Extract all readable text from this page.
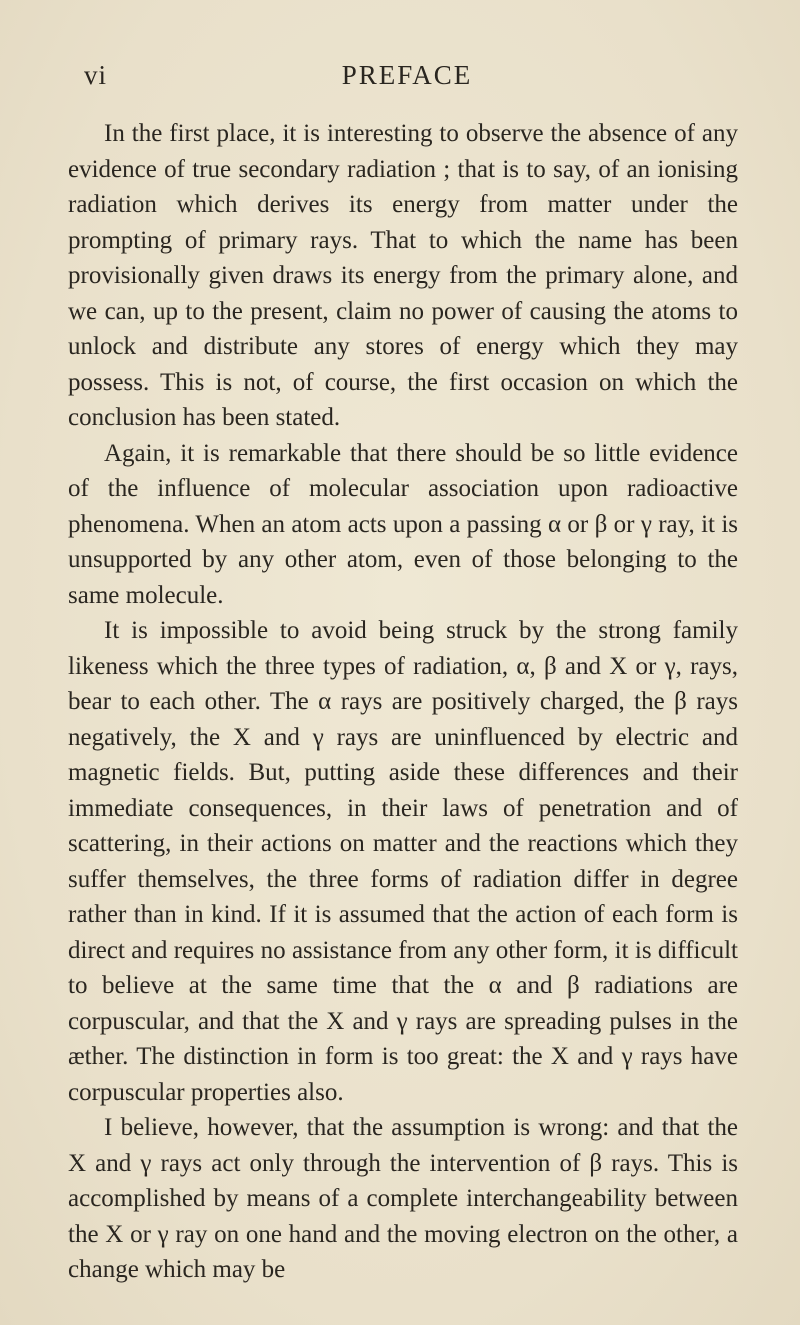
vi	PREFACE

In the first place, it is interesting to observe the absence of any evidence of true secondary radiation ; that is to say, of an ionising radiation which derives its energy from matter under the prompting of primary rays. That to which the name has been provisionally given draws its energy from the primary alone, and we can, up to the present, claim no power of causing the atoms to unlock and distribute any stores of energy which they may possess. This is not, of course, the first occasion on which the conclusion has been stated.

Again, it is remarkable that there should be so little evidence of the influence of molecular association upon radioactive phenomena. When an atom acts upon a passing α or β or γ ray, it is unsupported by any other atom, even of those belonging to the same molecule.

It is impossible to avoid being struck by the strong family likeness which the three types of radiation, α, β and X or γ, rays, bear to each other. The α rays are positively charged, the β rays negatively, the X and γ rays are uninfluenced by electric and magnetic fields. But, putting aside these differences and their immediate consequences, in their laws of penetration and of scattering, in their actions on matter and the reactions which they suffer themselves, the three forms of radiation differ in degree rather than in kind. If it is assumed that the action of each form is direct and requires no assistance from any other form, it is difficult to believe at the same time that the α and β radiations are corpuscular, and that the X and γ rays are spreading pulses in the æther. The distinction in form is too great: the X and γ rays have corpuscular properties also.

I believe, however, that the assumption is wrong: and that the X and γ rays act only through the intervention of β rays. This is accomplished by means of a complete interchangeability between the X or γ ray on one hand and the moving electron on the other, a change which may be
